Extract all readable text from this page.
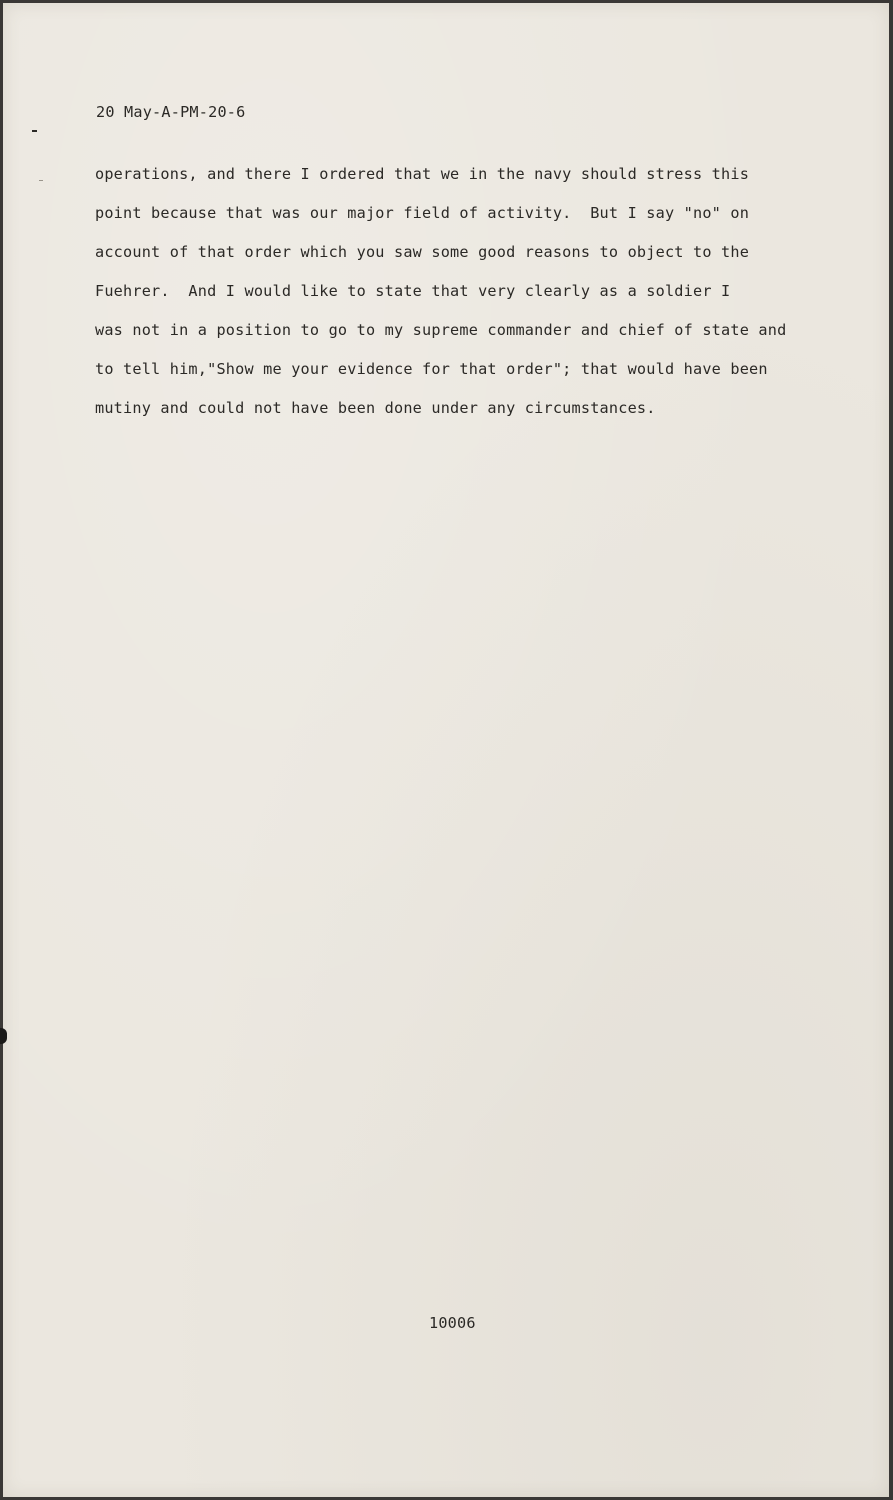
20 May-A-PM-20-6
operations, and there I ordered that we in the navy should stress this
point because that was our major field of activity.  But I say "no" on
account of that order which you saw some good reasons to object to the
Fuehrer.  And I would like to state that very clearly as a soldier I
was not in a position to go to my supreme commander and chief of state and
to tell him,"Show me your evidence for that order"; that would have been
mutiny and could not have been done under any circumstances.
10006
